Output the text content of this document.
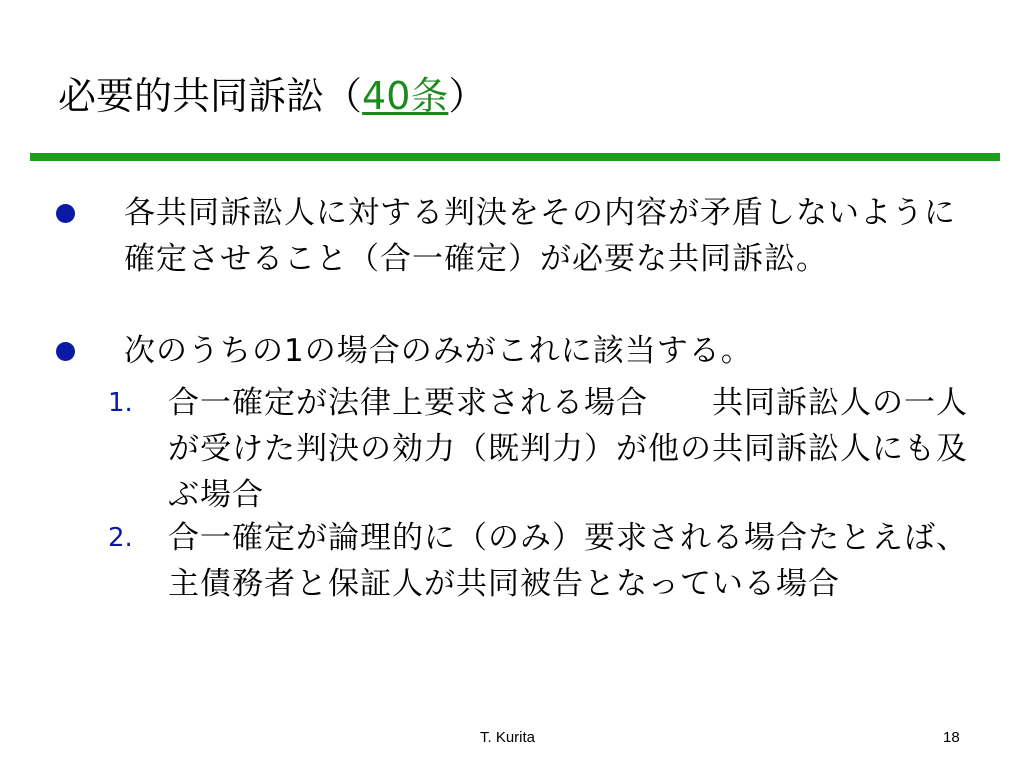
必要的共同訴訟（40条）
各共同訴訟人に対する判決をその内容が矛盾しないように確定させること（合一確定）が必要な共同訴訟。
次のうちの1の場合のみがこれに該当する。
1. 合一確定が法律上要求される場合　　共同訴訟人の一人が受けた判決の効力（既判力）が他の共同訴訟人にも及ぶ場合
2. 合一確定が論理的に（のみ）要求される場合たとえば、主債務者と保証人が共同被告となっている場合
T. Kurita	18
